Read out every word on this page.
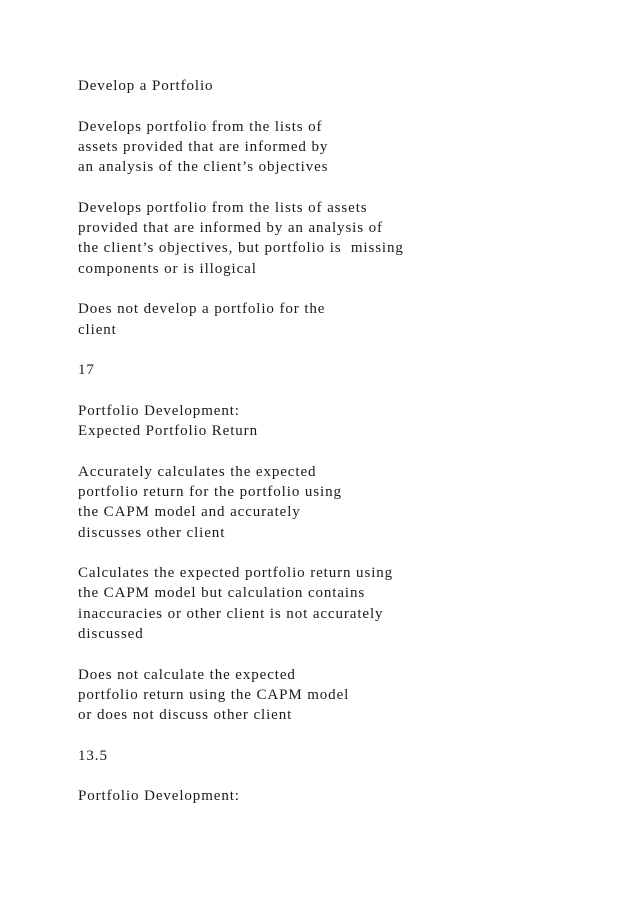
Develop a Portfolio
Develops portfolio from the lists of
assets provided that are informed by
an analysis of the client’s objectives
Develops portfolio from the lists of assets
provided that are informed by an analysis of
the client’s objectives, but portfolio is  missing
components or is illogical
Does not develop a portfolio for the
client
17
Portfolio Development:
Expected Portfolio Return
Accurately calculates the expected
portfolio return for the portfolio using
the CAPM model and accurately
discusses other client
Calculates the expected portfolio return using
the CAPM model but calculation contains
inaccuracies or other client is not accurately
discussed
Does not calculate the expected
portfolio return using the CAPM model
or does not discuss other client
13.5
Portfolio Development:
